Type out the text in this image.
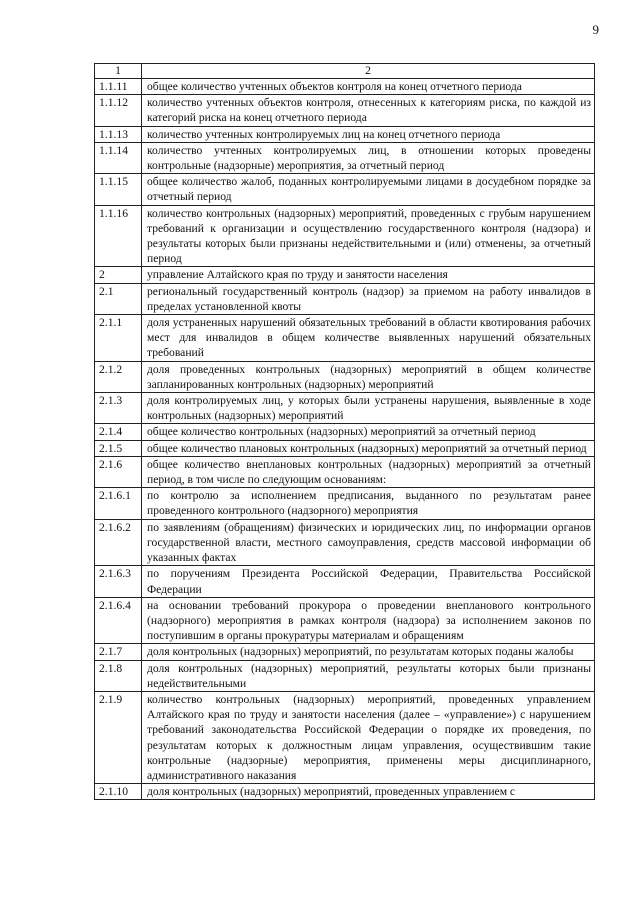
9
1	2
1.1.11	общее количество учтенных объектов контроля на конец отчетного периода
1.1.12	количество учтенных объектов контроля, отнесенных к категориям риска, по каждой из категорий риска на конец отчетного периода
1.1.13	количество учтенных контролируемых лиц на конец отчетного периода
1.1.14	количество учтенных контролируемых лиц, в отношении которых проведены контрольные (надзорные) мероприятия, за отчетный период
1.1.15	общее количество жалоб, поданных контролируемыми лицами в досудебном порядке за отчетный период
1.1.16	количество контрольных (надзорных) мероприятий, проведенных с грубым нарушением требований к организации и осуществлению государственного контроля (надзора) и результаты которых были признаны недействительными и (или) отменены, за отчетный период
2	управление Алтайского края по труду и занятости населения
2.1	региональный государственный контроль (надзор) за приемом на работу инвалидов в пределах установленной квоты
2.1.1	доля устраненных нарушений обязательных требований в области квотирования рабочих мест для инвалидов в общем количестве выявленных нарушений обязательных требований
2.1.2	доля проведенных контрольных (надзорных) мероприятий в общем количестве запланированных контрольных (надзорных) мероприятий
2.1.3	доля контролируемых лиц, у которых были устранены нарушения, выявленные в ходе контрольных (надзорных) мероприятий
2.1.4	общее количество контрольных (надзорных) мероприятий за отчетный период
2.1.5	общее количество плановых контрольных (надзорных) мероприятий за отчетный период
2.1.6	общее количество внеплановых контрольных (надзорных) мероприятий за отчетный период, в том числе по следующим основаниям:
2.1.6.1	по контролю за исполнением предписания, выданного по результатам ранее проведенного контрольного (надзорного) мероприятия
2.1.6.2	по заявлениям (обращениям) физических и юридических лиц, по информации органов государственной власти, местного самоуправления, средств массовой информации об указанных фактах
2.1.6.3	по поручениям Президента Российской Федерации, Правительства Российской Федерации
2.1.6.4	на основании требований прокурора о проведении внепланового контрольного (надзорного) мероприятия в рамках контроля (надзора) за исполнением законов по поступившим в органы прокуратуры материалам и обращениям
2.1.7	доля контрольных (надзорных) мероприятий, по результатам которых поданы жалобы
2.1.8	доля контрольных (надзорных) мероприятий, результаты которых были признаны недействительными
2.1.9	количество контрольных (надзорных) мероприятий, проведенных управлением Алтайского края по труду и занятости населения (далее – «управление») с нарушением требований законодательства Российской Федерации о порядке их проведения, по результатам которых к должностным лицам управления, осуществившим такие контрольные (надзорные) мероприятия, применены меры дисциплинарного, административного наказания
2.1.10	доля контрольных (надзорных) мероприятий, проведенных управлением с
